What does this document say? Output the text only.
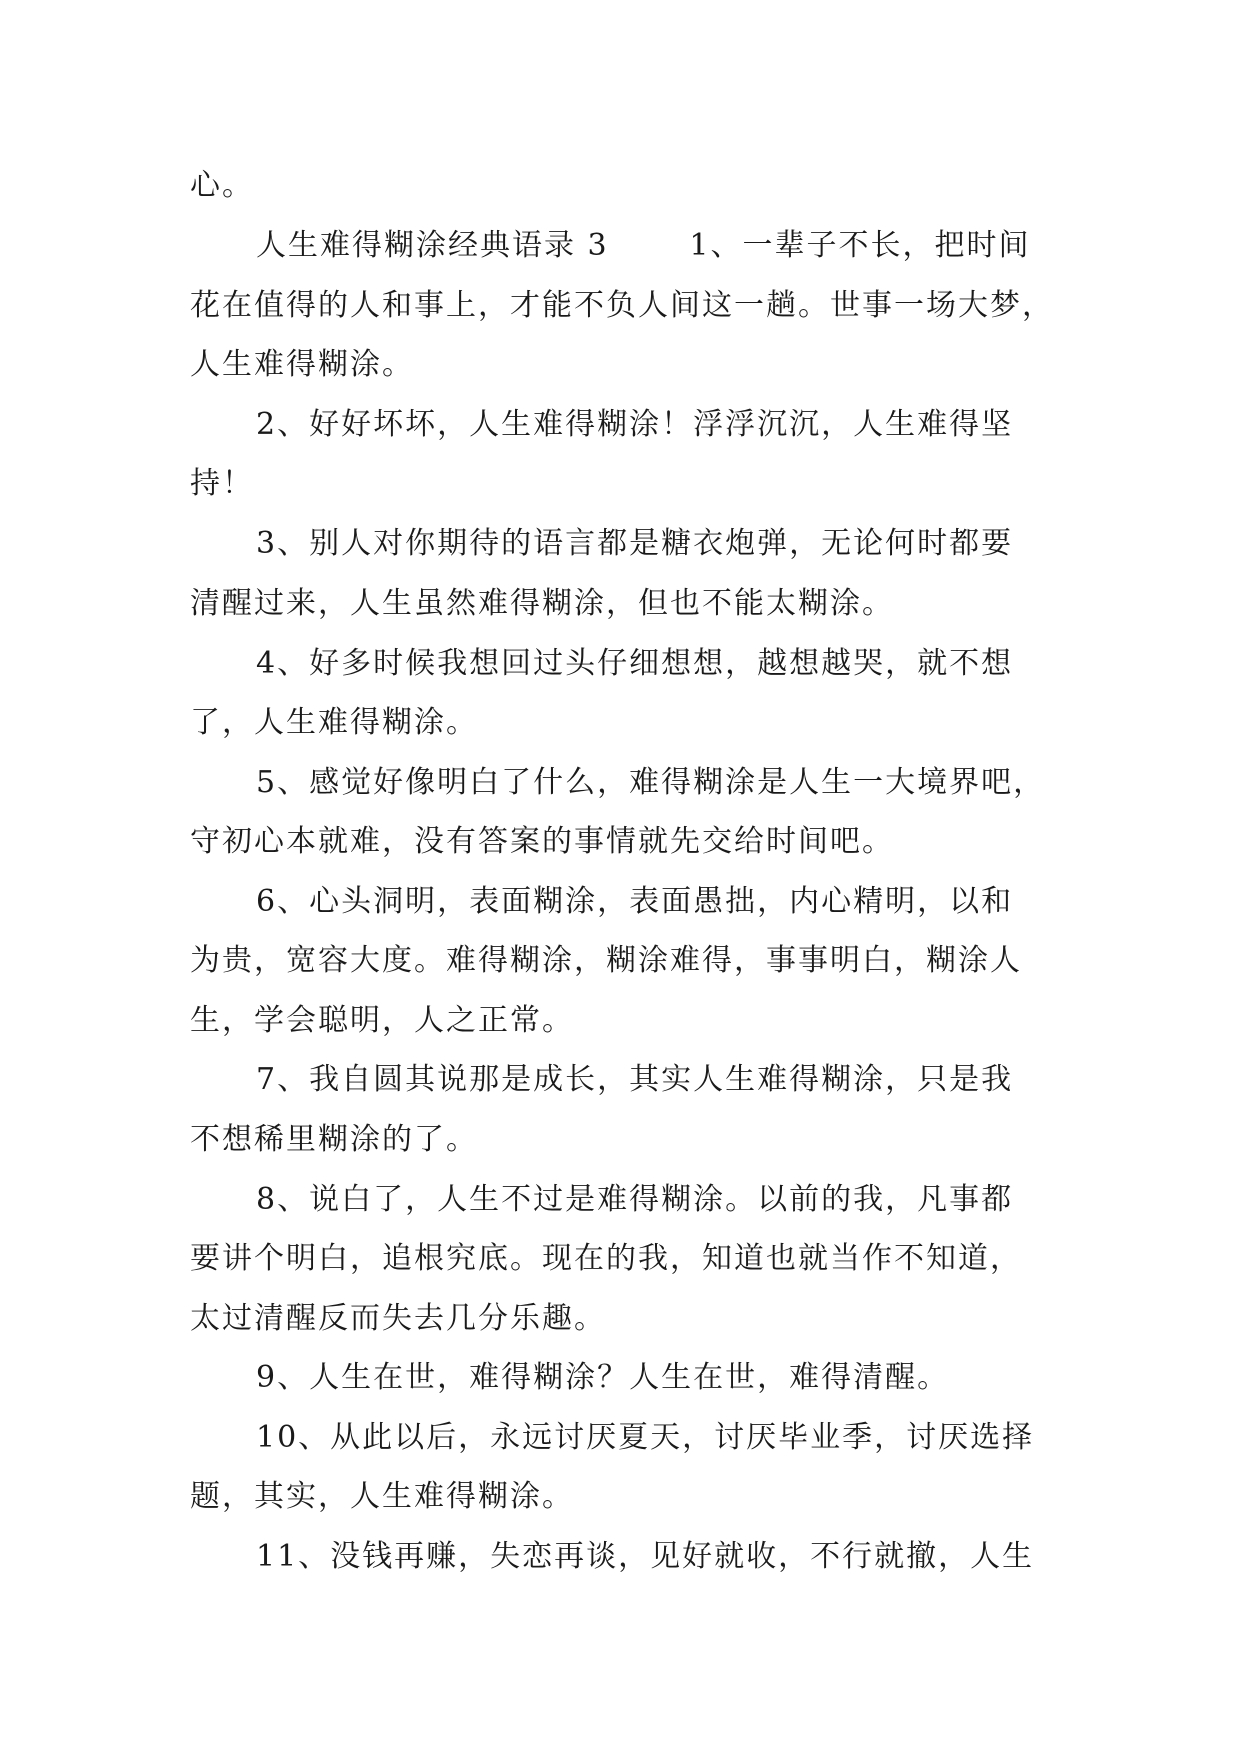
心。
人生难得糊涂经典语录 3       1、一辈子不长，把时间
花在值得的人和事上，才能不负人间这一趟。世事一场大梦，
人生难得糊涂。
2、好好坏坏，人生难得糊涂！浮浮沉沉，人生难得坚
持！
3、别人对你期待的语言都是糖衣炮弹，无论何时都要
清醒过来，人生虽然难得糊涂，但也不能太糊涂。
4、好多时候我想回过头仔细想想，越想越哭，就不想
了，人生难得糊涂。
5、感觉好像明白了什么，难得糊涂是人生一大境界吧，
守初心本就难，没有答案的事情就先交给时间吧。
6、心头洞明，表面糊涂，表面愚拙，内心精明，以和
为贵，宽容大度。难得糊涂，糊涂难得，事事明白，糊涂人
生，学会聪明，人之正常。
7、我自圆其说那是成长，其实人生难得糊涂，只是我
不想稀里糊涂的了。
8、说白了，人生不过是难得糊涂。以前的我，凡事都
要讲个明白，追根究底。现在的我，知道也就当作不知道，
太过清醒反而失去几分乐趣。
9、人生在世，难得糊涂？人生在世，难得清醒。
10、从此以后，永远讨厌夏天，讨厌毕业季，讨厌选择
题，其实，人生难得糊涂。
11、没钱再赚，失恋再谈，见好就收，不行就撤，人生
